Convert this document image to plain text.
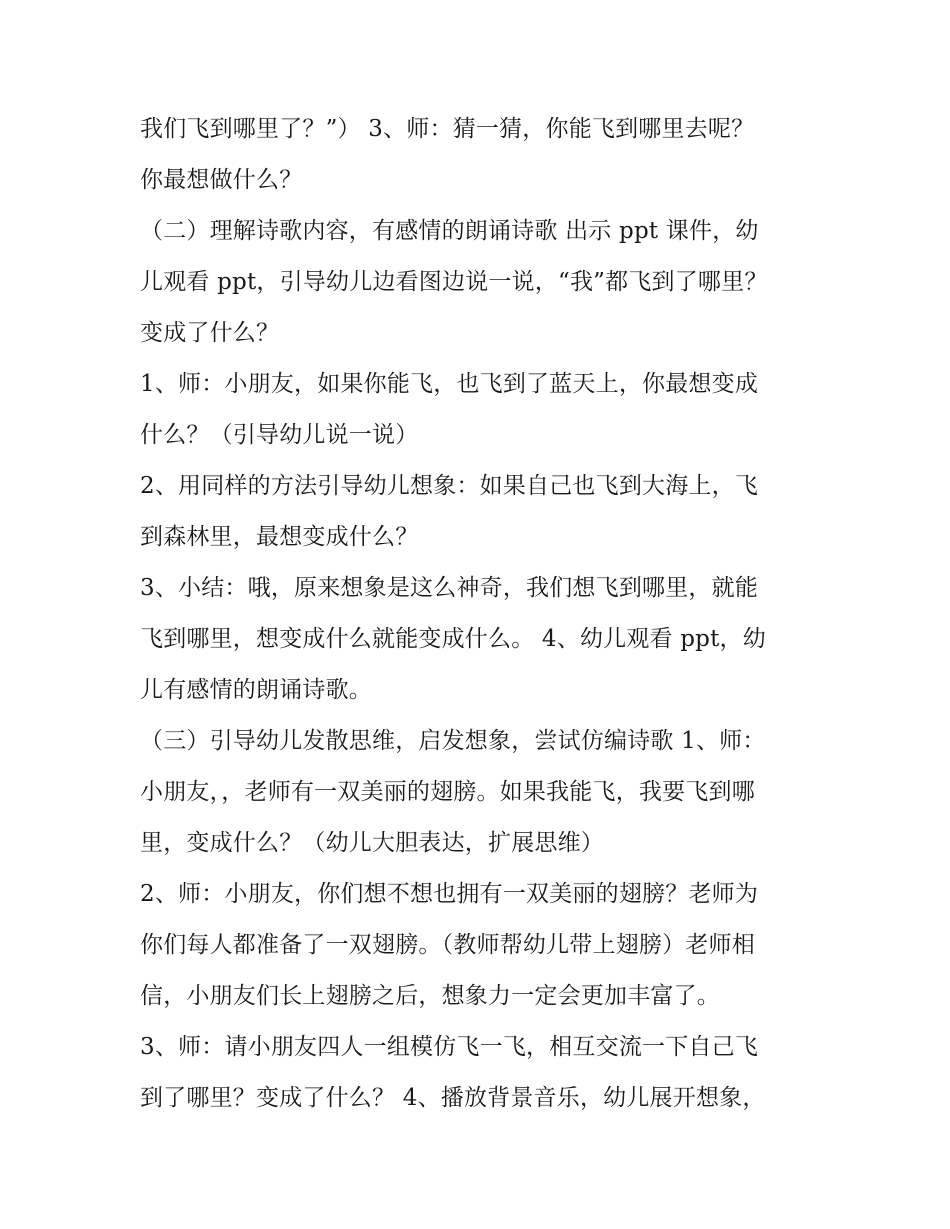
我们飞到哪里了？”） 3、师：猜一猜，你能飞到哪里去呢？
你最想做什么？
（二）理解诗歌内容，有感情的朗诵诗歌 出示 ppt 课件，幼
儿观看 ppt，引导幼儿边看图边说一说，“我”都飞到了哪里？
变成了什么？
1、师：小朋友，如果你能飞，也飞到了蓝天上，你最想变成
什么？（引导幼儿说一说）
2、用同样的方法引导幼儿想象：如果自己也飞到大海上，飞
到森林里，最想变成什么？
3、小结：哦，原来想象是这么神奇，我们想飞到哪里，就能
飞到哪里，想变成什么就能变成什么。 4、幼儿观看 ppt，幼
儿有感情的朗诵诗歌。
（三）引导幼儿发散思维，启发想象，尝试仿编诗歌 1、师：
小朋友，，老师有一双美丽的翅膀。如果我能飞，我要飞到哪
里，变成什么？（幼儿大胆表达，扩展思维）
2、师：小朋友，你们想不想也拥有一双美丽的翅膀？老师为
你们每人都准备了一双翅膀。（教师帮幼儿带上翅膀）老师相
信，小朋友们长上翅膀之后，想象力一定会更加丰富了。
3、师：请小朋友四人一组模仿飞一飞，相互交流一下自己飞
到了哪里？变成了什么？ 4、播放背景音乐，幼儿展开想象，
